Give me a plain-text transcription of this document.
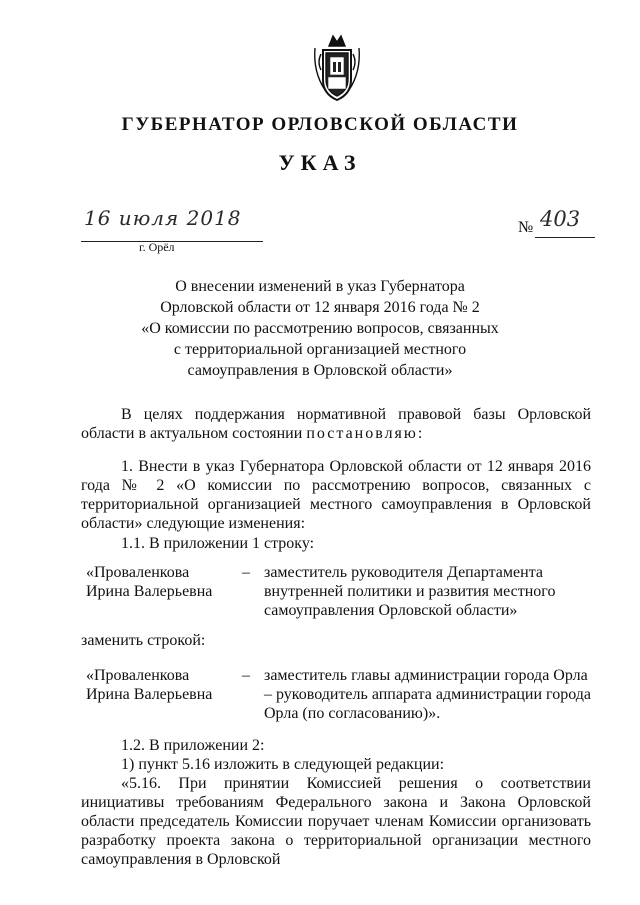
ГУБЕРНАТОР ОРЛОВСКОЙ ОБЛАСТИ
УКАЗ
16 июля 2018
г. Орёл
№ 403
О внесении изменений в указ Губернатора
Орловской области от 12 января 2016 года № 2
«О комиссии по рассмотрению вопросов, связанных
с территориальной организацией местного
самоуправления в Орловской области»
В целях поддержания нормативной правовой базы Орловской области в актуальном состоянии постановляю:
1. Внести в указ Губернатора Орловской области от 12 января 2016 года № 2 «О комиссии по рассмотрению вопросов, связанных с территориальной организацией местного самоуправления в Орловской области» следующие изменения:
1.1. В приложении 1 строку:
«Проваленкова Ирина Валерьевна
– заместитель руководителя Департамента внутренней политики и развития местного самоуправления Орловской области»
заменить строкой:
«Проваленкова Ирина Валерьевна
– заместитель главы администрации города Орла – руководитель аппарата администрации города Орла (по согласованию)».
1.2. В приложении 2:
1) пункт 5.16 изложить в следующей редакции:
«5.16. При принятии Комиссией решения о соответствии инициативы требованиям Федерального закона и Закона Орловской области председатель Комиссии поручает членам Комиссии организовать разработку проекта закона о территориальной организации местного самоуправления в Орловской
